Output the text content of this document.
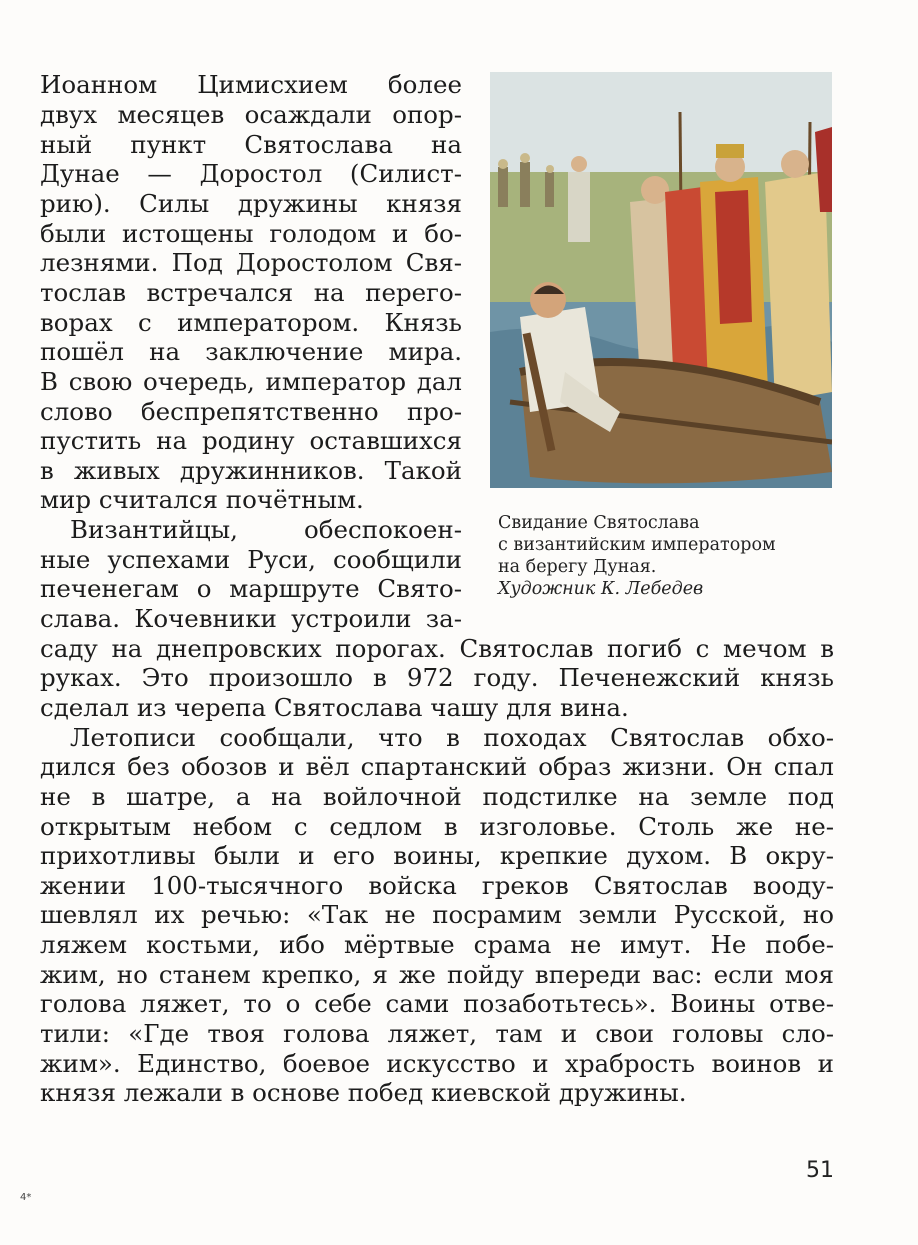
Иоанном Цимисхием более
двух месяцев осаждали опор-
ный пункт Святослава на
Дунае — Доростол (Силист-
рию). Силы дружины князя
были истощены голодом и бо-
лезнями. Под Доростолом Свя-
тослав встречался на перего-
ворах с императором. Князь
пошёл на заключение мира.
В свою очередь, император дал
слово беспрепятственно про-
пустить на родину оставшихся
в живых дружинников. Такой
мир считался почётным.
Византийцы, обеспокоен-
ные успехами Руси, сообщили
печенегам о маршруте Свято-
слава. Кочевники устроили за-
саду на днепровских порогах. Святослав погиб с мечом в
руках. Это произошло в 972 году. Печенежский князь
сделал из черепа Святослава чашу для вина.
Летописи сообщали, что в походах Святослав обхо-
дился без обозов и вёл спартанский образ жизни. Он спал
не в шатре, а на войлочной подстилке на земле под
открытым небом с седлом в изголовье. Столь же не-
прихотливы были и его воины, крепкие духом. В окру-
жении 100-тысячного войска греков Святослав вооду-
шевлял их речью: «Так не посрамим земли Русской, но
ляжем костьми, ибо мёртвые срама не имут. Не побе-
жим, но станем крепко, я же пойду впереди вас: если моя
голова ляжет, то о себе сами позаботьтесь». Воины отве-
тили: «Где твоя голова ляжет, там и свои головы сло-
жим». Единство, боевое искусство и храбрость воинов и
князя лежали в основе побед киевской дружины.
Свидание Святослава
с византийским императором
на берегу Дуная.
Художник К. Лебедев
51
4*
